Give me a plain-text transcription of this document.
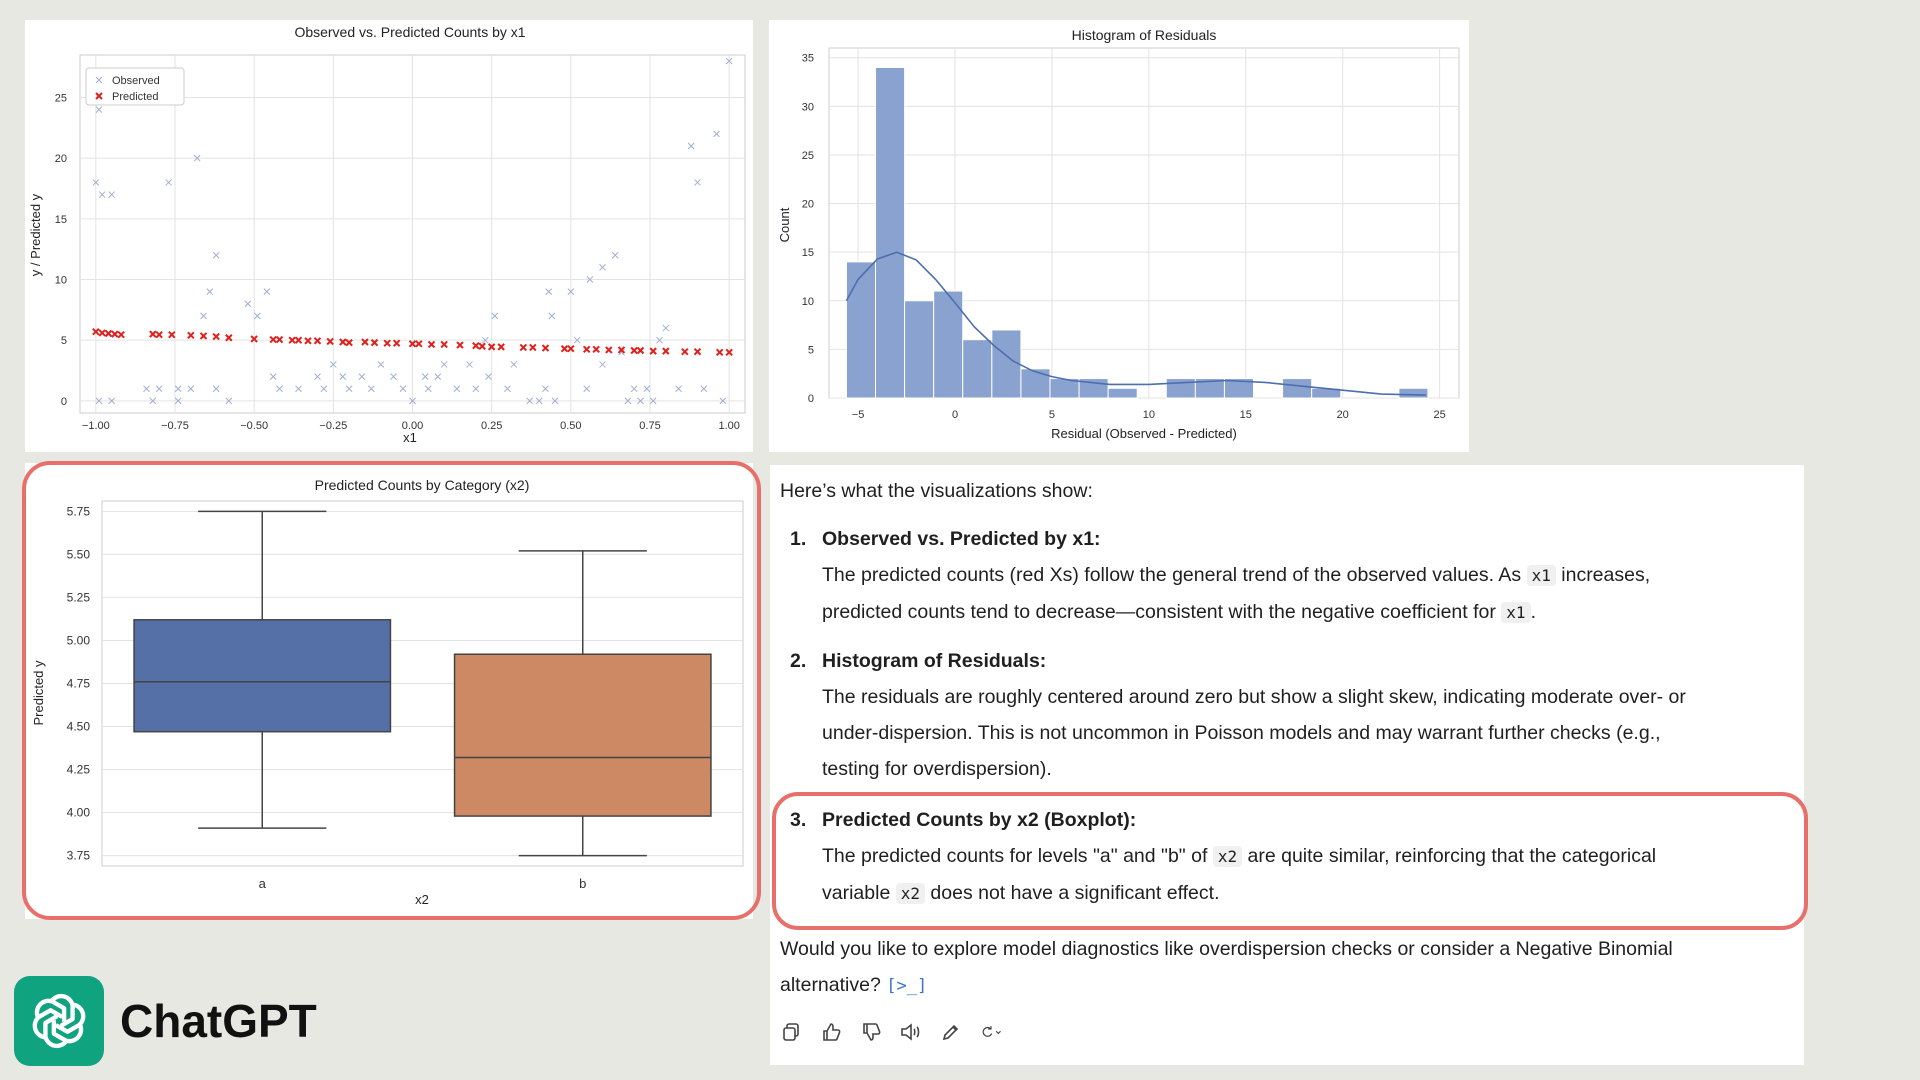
Observed vs. Predicted Counts by x1
x1
y / Predicted y
−1.00	−0.75	−0.50	−0.25	0.00	0.25	0.50	0.75	1.00
0
5
10
15
20
25
Observed
Predicted
Histogram of Residuals
Residual (Observed - Predicted)
Count
−5	0	5	10	15	20	25
0
5
10
15
20
25
30
35
Predicted Counts by Category (x2)
x2
Predicted y
3.75
4.00
4.25
4.50
4.75
5.00
5.25
5.50
5.75
a	b
Here’s what the visualizations show:
1. Observed vs. Predicted by x1:
The predicted counts (red Xs) follow the general trend of the observed values. As x1 increases,
predicted counts tend to decrease—consistent with the negative coefficient for x1 .
2. Histogram of Residuals:
The residuals are roughly centered around zero but show a slight skew, indicating moderate over- or
under-dispersion. This is not uncommon in Poisson models and may warrant further checks (e.g.,
testing for overdispersion).
3. Predicted Counts by x2 (Boxplot):
The predicted counts for levels "a" and "b" of x2 are quite similar, reinforcing that the categorical
variable x2 does not have a significant effect.
Would you like to explore model diagnostics like overdispersion checks or consider a Negative Binomial
alternative? [>_]
ChatGPT
